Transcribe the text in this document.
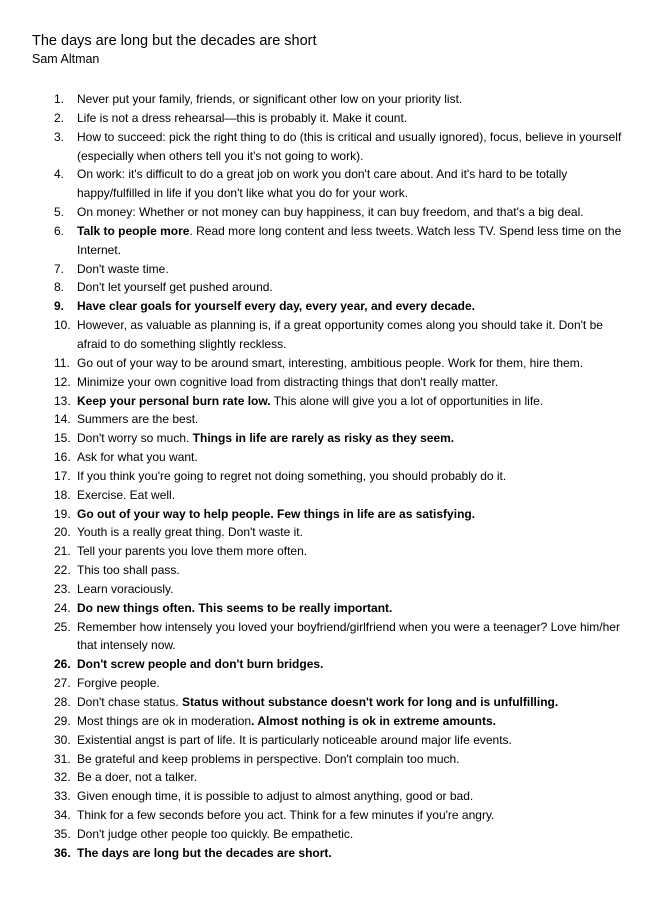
The days are long but the decades are short
Sam Altman
1. Never put your family, friends, or significant other low on your priority list.
2. Life is not a dress rehearsal—this is probably it. Make it count.
3. How to succeed: pick the right thing to do (this is critical and usually ignored), focus, believe in yourself (especially when others tell you it's not going to work).
4. On work: it's difficult to do a great job on work you don't care about. And it's hard to be totally happy/fulfilled in life if you don't like what you do for your work.
5. On money: Whether or not money can buy happiness, it can buy freedom, and that's a big deal.
6. Talk to people more. Read more long content and less tweets. Watch less TV. Spend less time on the Internet.
7. Don't waste time.
8. Don't let yourself get pushed around.
9. Have clear goals for yourself every day, every year, and every decade.
10. However, as valuable as planning is, if a great opportunity comes along you should take it. Don't be afraid to do something slightly reckless.
11. Go out of your way to be around smart, interesting, ambitious people. Work for them, hire them.
12. Minimize your own cognitive load from distracting things that don't really matter.
13. Keep your personal burn rate low. This alone will give you a lot of opportunities in life.
14. Summers are the best.
15. Don't worry so much. Things in life are rarely as risky as they seem.
16. Ask for what you want.
17. If you think you're going to regret not doing something, you should probably do it.
18. Exercise. Eat well.
19. Go out of your way to help people. Few things in life are as satisfying.
20. Youth is a really great thing. Don't waste it.
21. Tell your parents you love them more often.
22. This too shall pass.
23. Learn voraciously.
24. Do new things often. This seems to be really important.
25. Remember how intensely you loved your boyfriend/girlfriend when you were a teenager? Love him/her that intensely now.
26. Don't screw people and don't burn bridges.
27. Forgive people.
28. Don't chase status. Status without substance doesn't work for long and is unfulfilling.
29. Most things are ok in moderation. Almost nothing is ok in extreme amounts.
30. Existential angst is part of life. It is particularly noticeable around major life events.
31. Be grateful and keep problems in perspective. Don't complain too much.
32. Be a doer, not a talker.
33. Given enough time, it is possible to adjust to almost anything, good or bad.
34. Think for a few seconds before you act. Think for a few minutes if you're angry.
35. Don't judge other people too quickly. Be empathetic.
36. The days are long but the decades are short.
